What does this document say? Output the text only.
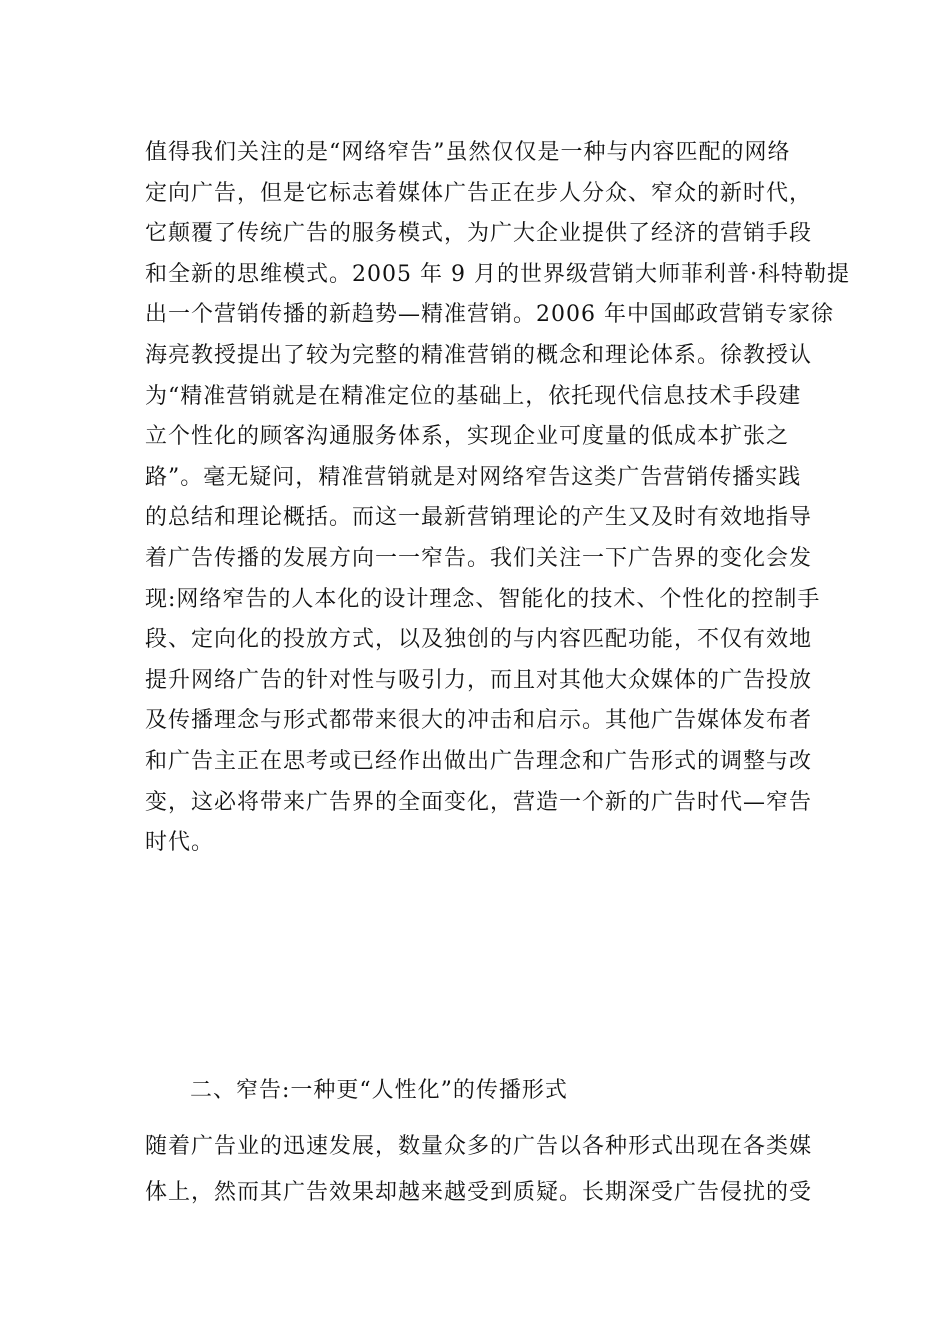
值得我们关注的是“网络窄告”虽然仅仅是一种与内容匹配的网络
定向广告，但是它标志着媒体广告正在步人分众、窄众的新时代，
它颠覆了传统广告的服务模式，为广大企业提供了经济的营销手段
和全新的思维模式。2005 年 9 月的世界级营销大师菲利普·科特勒提
出一个营销传播的新趋势—精准营销。2006 年中国邮政营销专家徐
海亮教授提出了较为完整的精准营销的概念和理论体系。徐教授认
为“精准营销就是在精准定位的基础上，依托现代信息技术手段建
立个性化的顾客沟通服务体系，实现企业可度量的低成本扩张之
路”。毫无疑问，精准营销就是对网络窄告这类广告营销传播实践
的总结和理论概括。而这一最新营销理论的产生又及时有效地指导
着广告传播的发展方向一一窄告。我们关注一下广告界的变化会发
现:网络窄告的人本化的设计理念、智能化的技术、个性化的控制手
段、定向化的投放方式，以及独创的与内容匹配功能，不仅有效地
提升网络广告的针对性与吸引力，而且对其他大众媒体的广告投放
及传播理念与形式都带来很大的冲击和启示。其他广告媒体发布者
和广告主正在思考或已经作出做出广告理念和广告形式的调整与改
变，这必将带来广告界的全面变化，营造一个新的广告时代—窄告
时代。
二、窄告:一种更“人性化”的传播形式
随着广告业的迅速发展，数量众多的广告以各种形式出现在各类媒
体上，然而其广告效果却越来越受到质疑。长期深受广告侵扰的受
